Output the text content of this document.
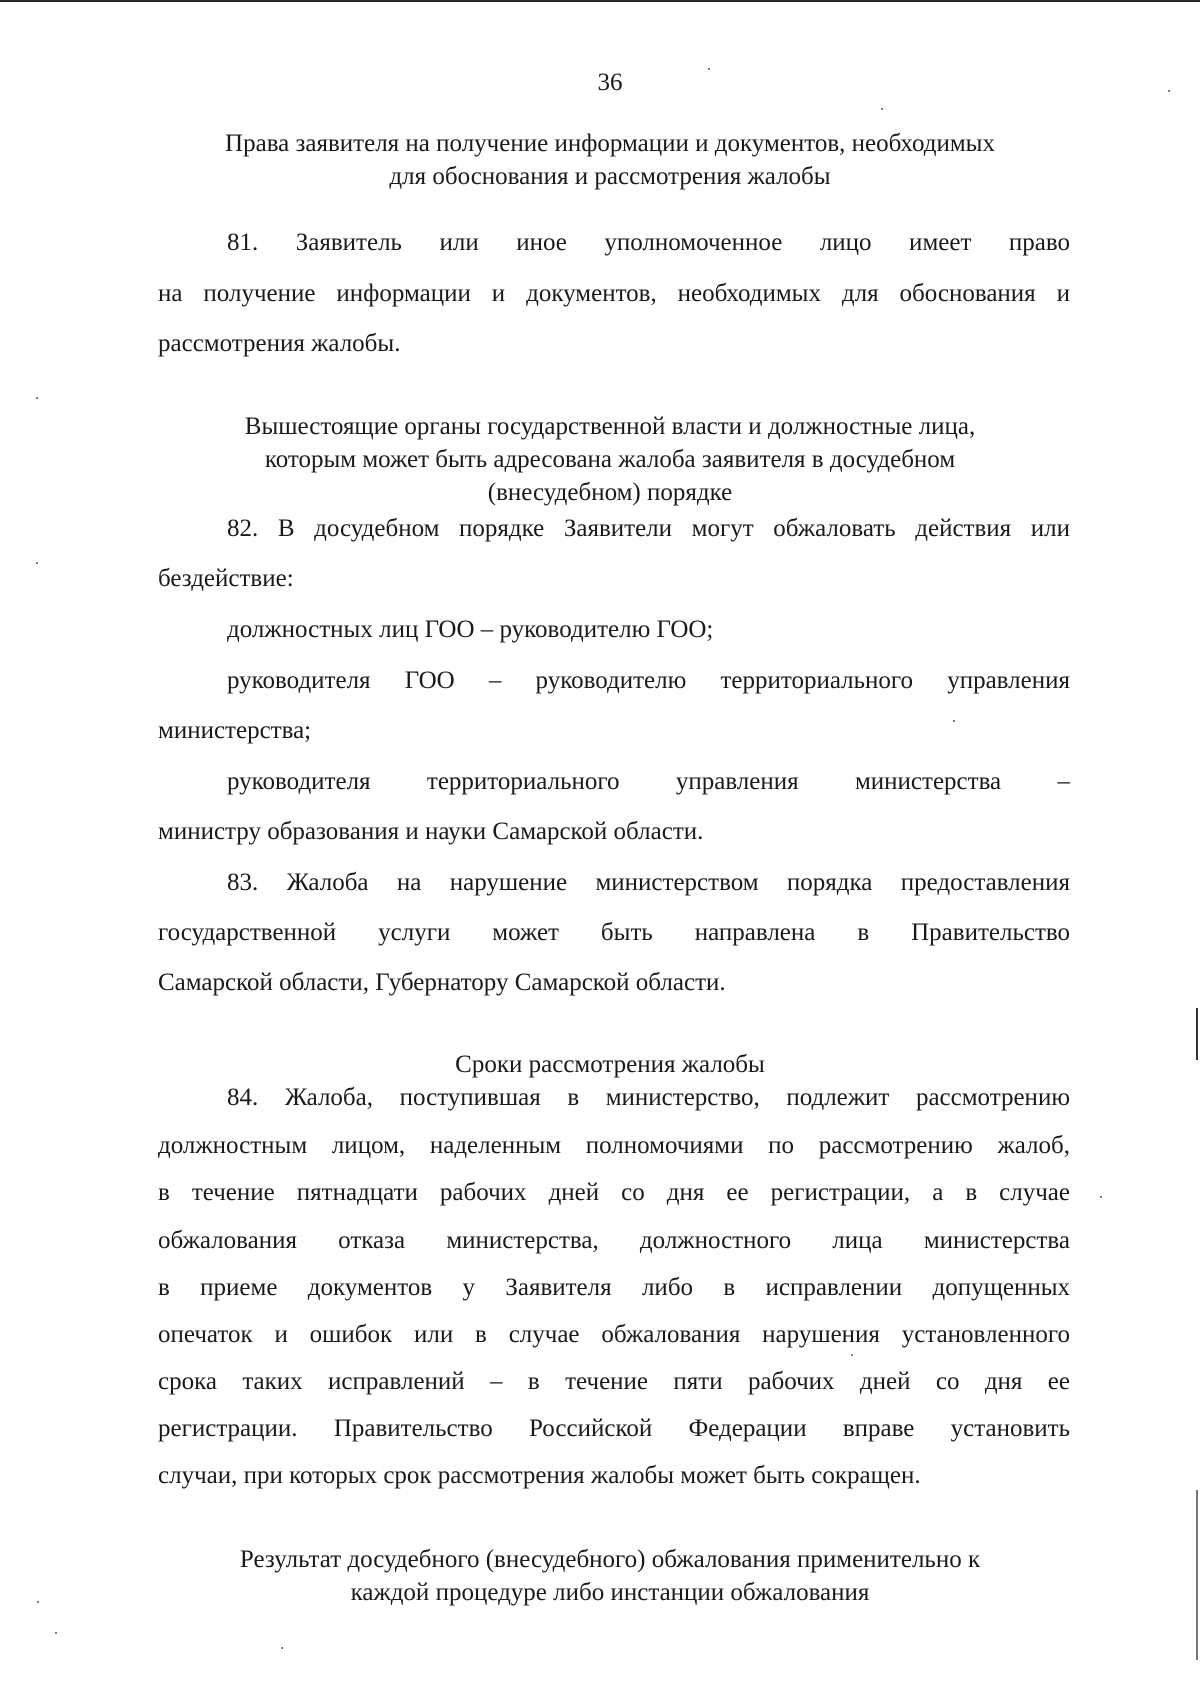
36
Права заявителя на получение информации и документов, необходимых
для обоснования и рассмотрения жалобы
81. Заявитель или иное уполномоченное лицо имеет право
на получение информации и документов, необходимых для обоснования и
рассмотрения жалобы.
Вышестоящие органы государственной власти и должностные лица,
которым может быть адресована жалоба заявителя в досудебном
(внесудебном) порядке
82. В досудебном порядке Заявители могут обжаловать действия или
бездействие:
должностных лиц ГОО – руководителю ГОО;
руководителя ГОО – руководителю территориального управления
министерства;
руководителя территориального управления министерства –
министру образования и науки Самарской области.
83. Жалоба на нарушение министерством порядка предоставления
государственной услуги может быть направлена в Правительство
Самарской области, Губернатору Самарской области.
Сроки рассмотрения жалобы
84. Жалоба, поступившая в министерство, подлежит рассмотрению
должностным лицом, наделенным полномочиями по рассмотрению жалоб,
в течение пятнадцати рабочих дней со дня ее регистрации, а в случае
обжалования отказа министерства, должностного лица министерства
в приеме документов у Заявителя либо в исправлении допущенных
опечаток и ошибок или в случае обжалования нарушения установленного
срока таких исправлений – в течение пяти рабочих дней со дня ее
регистрации. Правительство Российской Федерации вправе установить
случаи, при которых срок рассмотрения жалобы может быть сокращен.
Результат досудебного (внесудебного) обжалования применительно к
каждой процедуре либо инстанции обжалования
